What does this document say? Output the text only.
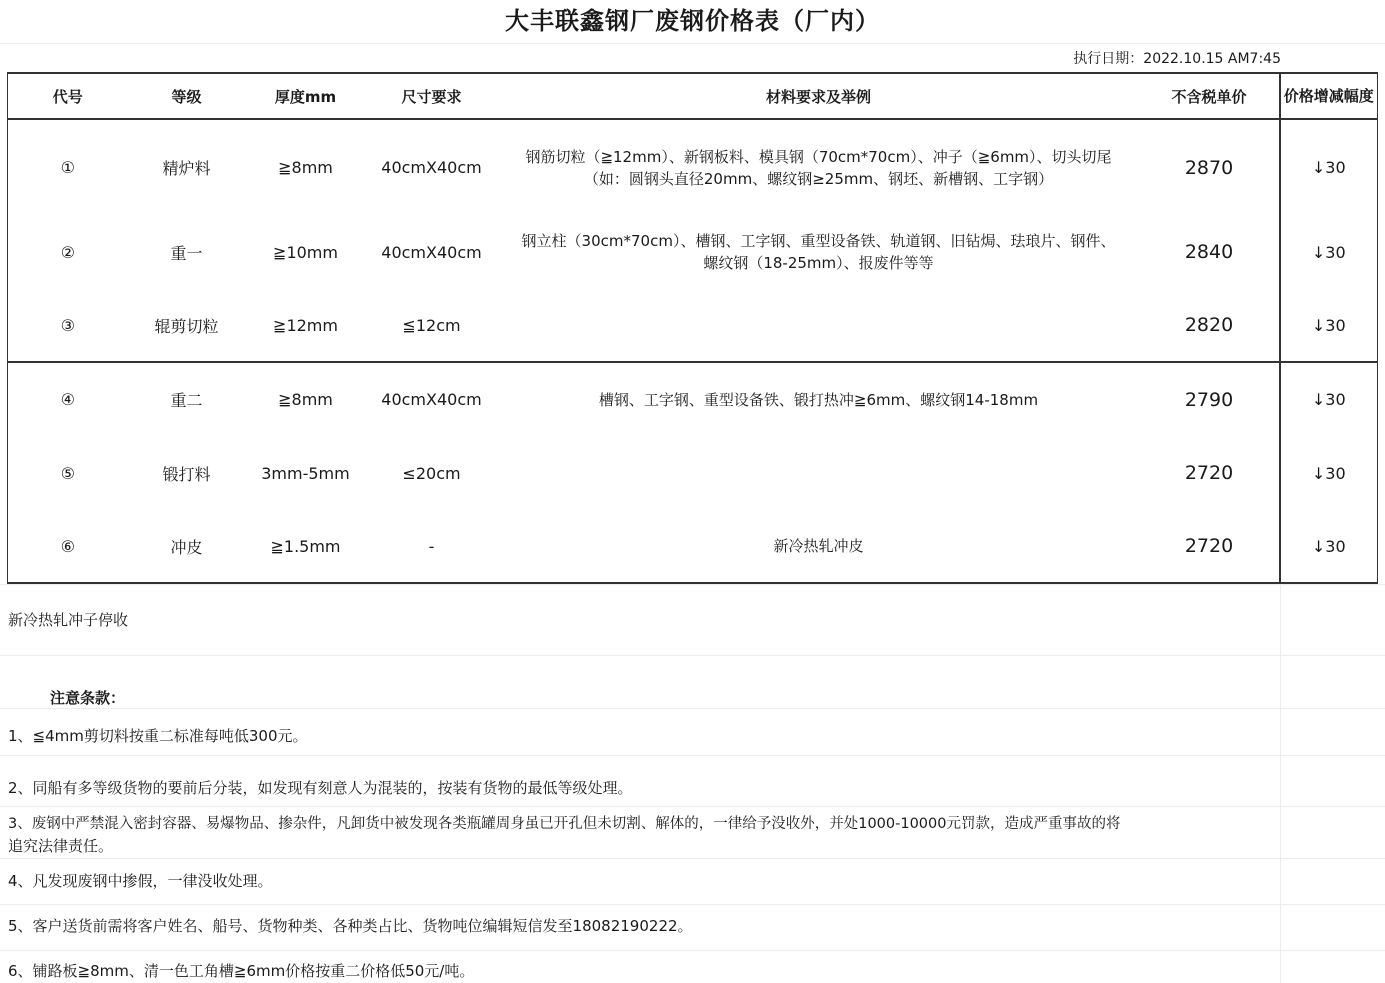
大丰联鑫钢厂废钢价格表（厂内）
执行日期：2022.10.15 AM7:45
代号	等级	厚度mm	尺寸要求	材料要求及举例	不含税单价	价格增减幅度
①	精炉料	≧8mm	40cmX40cm	钢筋切粒（≧12mm）、新钢板料、模具钢（70cm*70cm）、冲子（≧6mm）、切头切尾
（如：圆钢头直径20mm、螺纹钢≥25mm、钢坯、新槽钢、工字钢）	2870	↓30
②	重一	≧10mm	40cmX40cm	钢立柱（30cm*70cm）、槽钢、工字钢、重型设备铁、轨道钢、旧钻焗、珐琅片、钢件、
螺纹钢（18-25mm）、报废件等等	2840	↓30
③	辊剪切粒	≧12mm	≦12cm		2820	↓30
④	重二	≧8mm	40cmX40cm	槽钢、工字钢、重型设备铁、锻打热冲≧6mm、螺纹钢14-18mm	2790	↓30
⑤	锻打料	3mm-5mm	≤20cm		2720	↓30
⑥	冲皮	≧1.5mm	-	新冷热轧冲皮	2720	↓30
新冷热轧冲子停收
注意条款：
1、≦4mm剪切料按重二标准每吨低300元。
2、同船有多等级货物的要前后分装，如发现有刻意人为混装的，按装有货物的最低等级处理。
3、废钢中严禁混入密封容器、易爆物品、掺杂件，凡卸货中被发现各类瓶罐周身虽已开孔但未切割、解体的，一律给予没收外，并处1000-10000元罚款，造成严重事故的将
追究法律责任。
4、凡发现废钢中掺假，一律没收处理。
5、客户送货前需将客户姓名、船号、货物种类、各种类占比、货物吨位编辑短信发至18082190222。
6、铺路板≧8mm、清一色工角槽≧6mm价格按重二价格低50元/吨。
